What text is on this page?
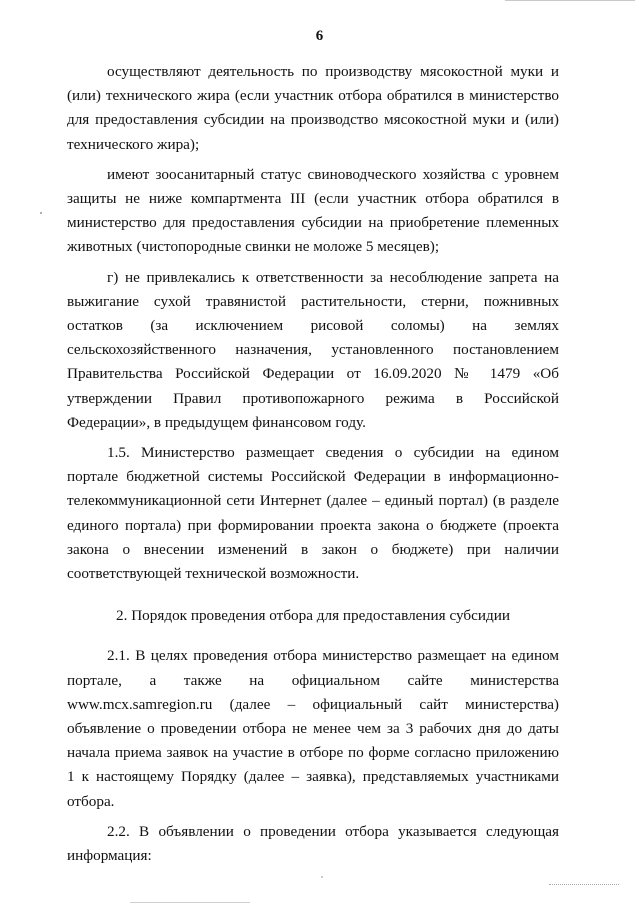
6

осуществляют деятельность по производству мясокостной муки и (или) технического жира (если участник отбора обратился в министерство для предоставления субсидии на производство мясокостной муки и (или) технического жира);

имеют зоосанитарный статус свиноводческого хозяйства с уровнем защиты не ниже компартмента III (если участник отбора обратился в министерство для предоставления субсидии на приобретение племенных животных (чистопородные свинки не моложе 5 месяцев);

г) не привлекались к ответственности за несоблюдение запрета на выжигание сухой травянистой растительности, стерни, пожнивных остатков (за исключением рисовой соломы) на землях сельскохозяйственного назначения, установленного постановлением Правительства Российской Федерации от 16.09.2020 № 1479 «Об утверждении Правил противопожарного режима в Российской Федерации», в предыдущем финансовом году.

1.5. Министерство размещает сведения о субсидии на едином портале бюджетной системы Российской Федерации в информационно-телекоммуникационной сети Интернет (далее – единый портал) (в разделе единого портала) при формировании проекта закона о бюджете (проекта закона о внесении изменений в закон о бюджете) при наличии соответствующей технической возможности.

2. Порядок проведения отбора для предоставления субсидии

2.1. В целях проведения отбора министерство размещает на едином портале, а также на официальном сайте министерства www.mcx.samregion.ru (далее – официальный сайт министерства) объявление о проведении отбора не менее чем за 3 рабочих дня до даты начала приема заявок на участие в отборе по форме согласно приложению 1 к настоящему Порядку (далее – заявка), представляемых участниками отбора.

2.2. В объявлении о проведении отбора указывается следующая информация:
